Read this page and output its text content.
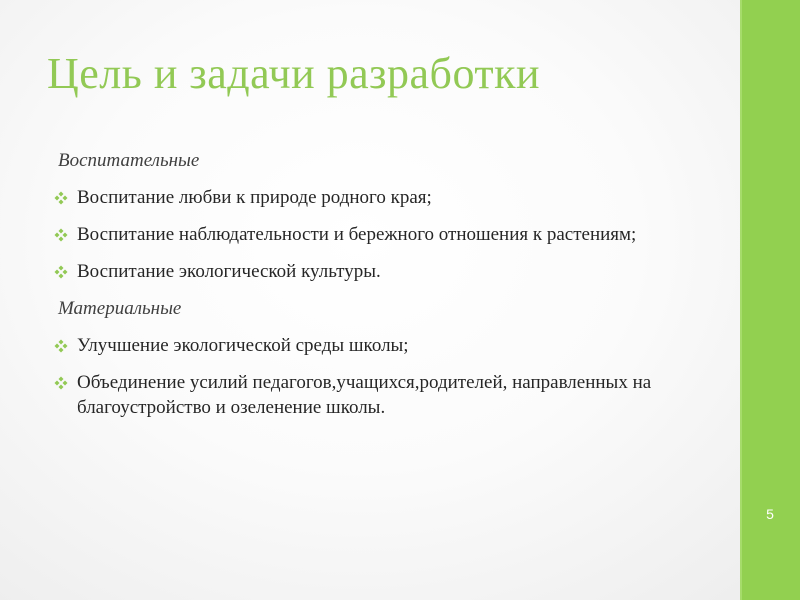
Цель и задачи разработки
Воспитательные
Воспитание любви к природе родного края;
Воспитание наблюдательности и бережного отношения к растениям;
Воспитание экологической культуры.
Материальные
Улучшение экологической среды школы;
Объединение усилий педагогов,учащихся,родителей, направленных на благоустройство и озеленение школы.
5
